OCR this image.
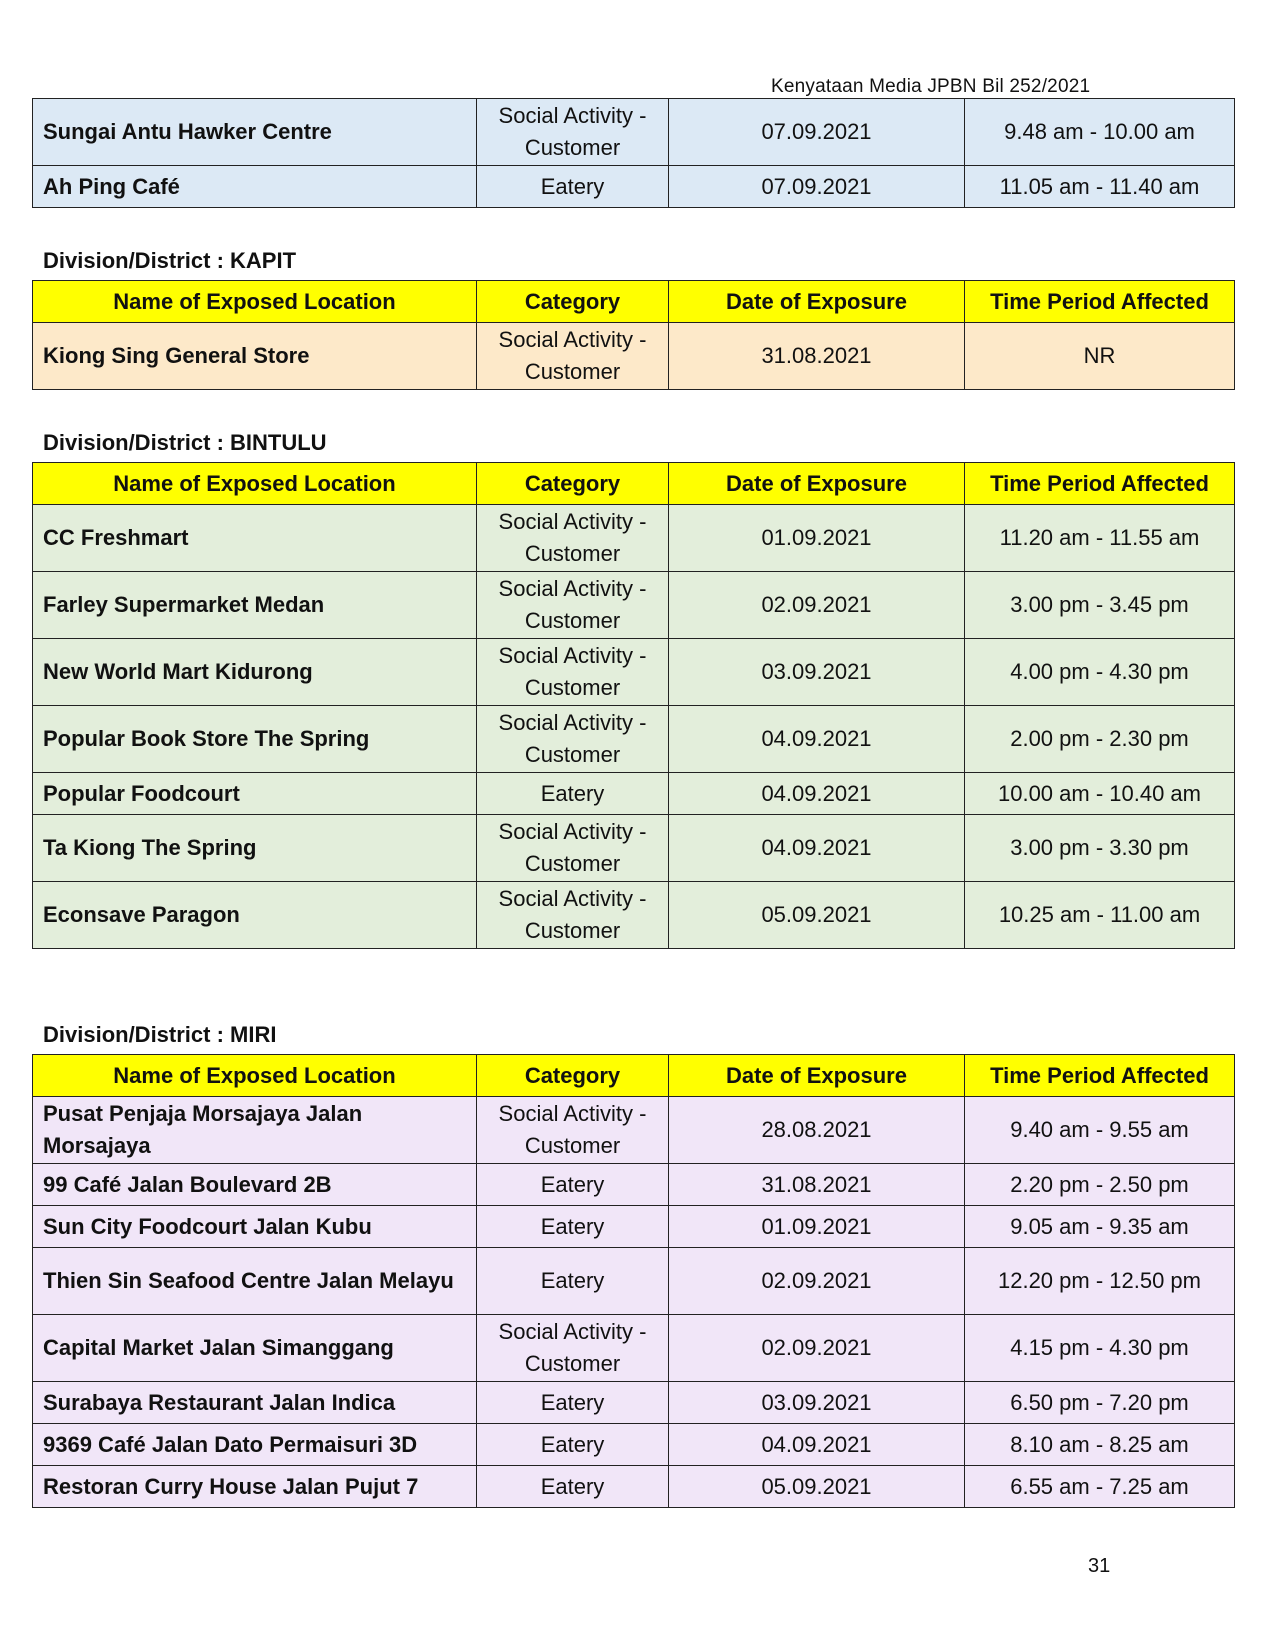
Kenyataan Media JPBN Bil 252/2021
Sungai Antu Hawker Centre	Social Activity - Customer	07.09.2021	9.48 am - 10.00 am
Ah Ping Café	Eatery	07.09.2021	11.05 am - 11.40 am
Division/District : KAPIT
Name of Exposed Location	Category	Date of Exposure	Time Period Affected
Kiong Sing General Store	Social Activity - Customer	31.08.2021	NR
Division/District : BINTULU
Name of Exposed Location	Category	Date of Exposure	Time Period Affected
CC Freshmart	Social Activity - Customer	01.09.2021	11.20 am - 11.55 am
Farley Supermarket Medan	Social Activity - Customer	02.09.2021	3.00 pm - 3.45 pm
New World Mart Kidurong	Social Activity - Customer	03.09.2021	4.00 pm - 4.30 pm
Popular Book Store The Spring	Social Activity - Customer	04.09.2021	2.00 pm - 2.30 pm
Popular Foodcourt	Eatery	04.09.2021	10.00 am - 10.40 am
Ta Kiong The Spring	Social Activity - Customer	04.09.2021	3.00 pm - 3.30 pm
Econsave Paragon	Social Activity - Customer	05.09.2021	10.25 am - 11.00 am
Division/District : MIRI
Name of Exposed Location	Category	Date of Exposure	Time Period Affected
Pusat Penjaja Morsajaya Jalan Morsajaya	Social Activity - Customer	28.08.2021	9.40 am - 9.55 am
99 Café Jalan Boulevard 2B	Eatery	31.08.2021	2.20 pm - 2.50 pm
Sun City Foodcourt Jalan Kubu	Eatery	01.09.2021	9.05 am - 9.35 am
Thien Sin Seafood Centre Jalan Melayu	Eatery	02.09.2021	12.20 pm - 12.50 pm
Capital Market Jalan Simanggang	Social Activity - Customer	02.09.2021	4.15 pm - 4.30 pm
Surabaya Restaurant Jalan Indica	Eatery	03.09.2021	6.50 pm - 7.20 pm
9369 Café Jalan Dato Permaisuri 3D	Eatery	04.09.2021	8.10 am - 8.25 am
Restoran Curry House Jalan Pujut 7	Eatery	05.09.2021	6.55 am - 7.25 am
31
